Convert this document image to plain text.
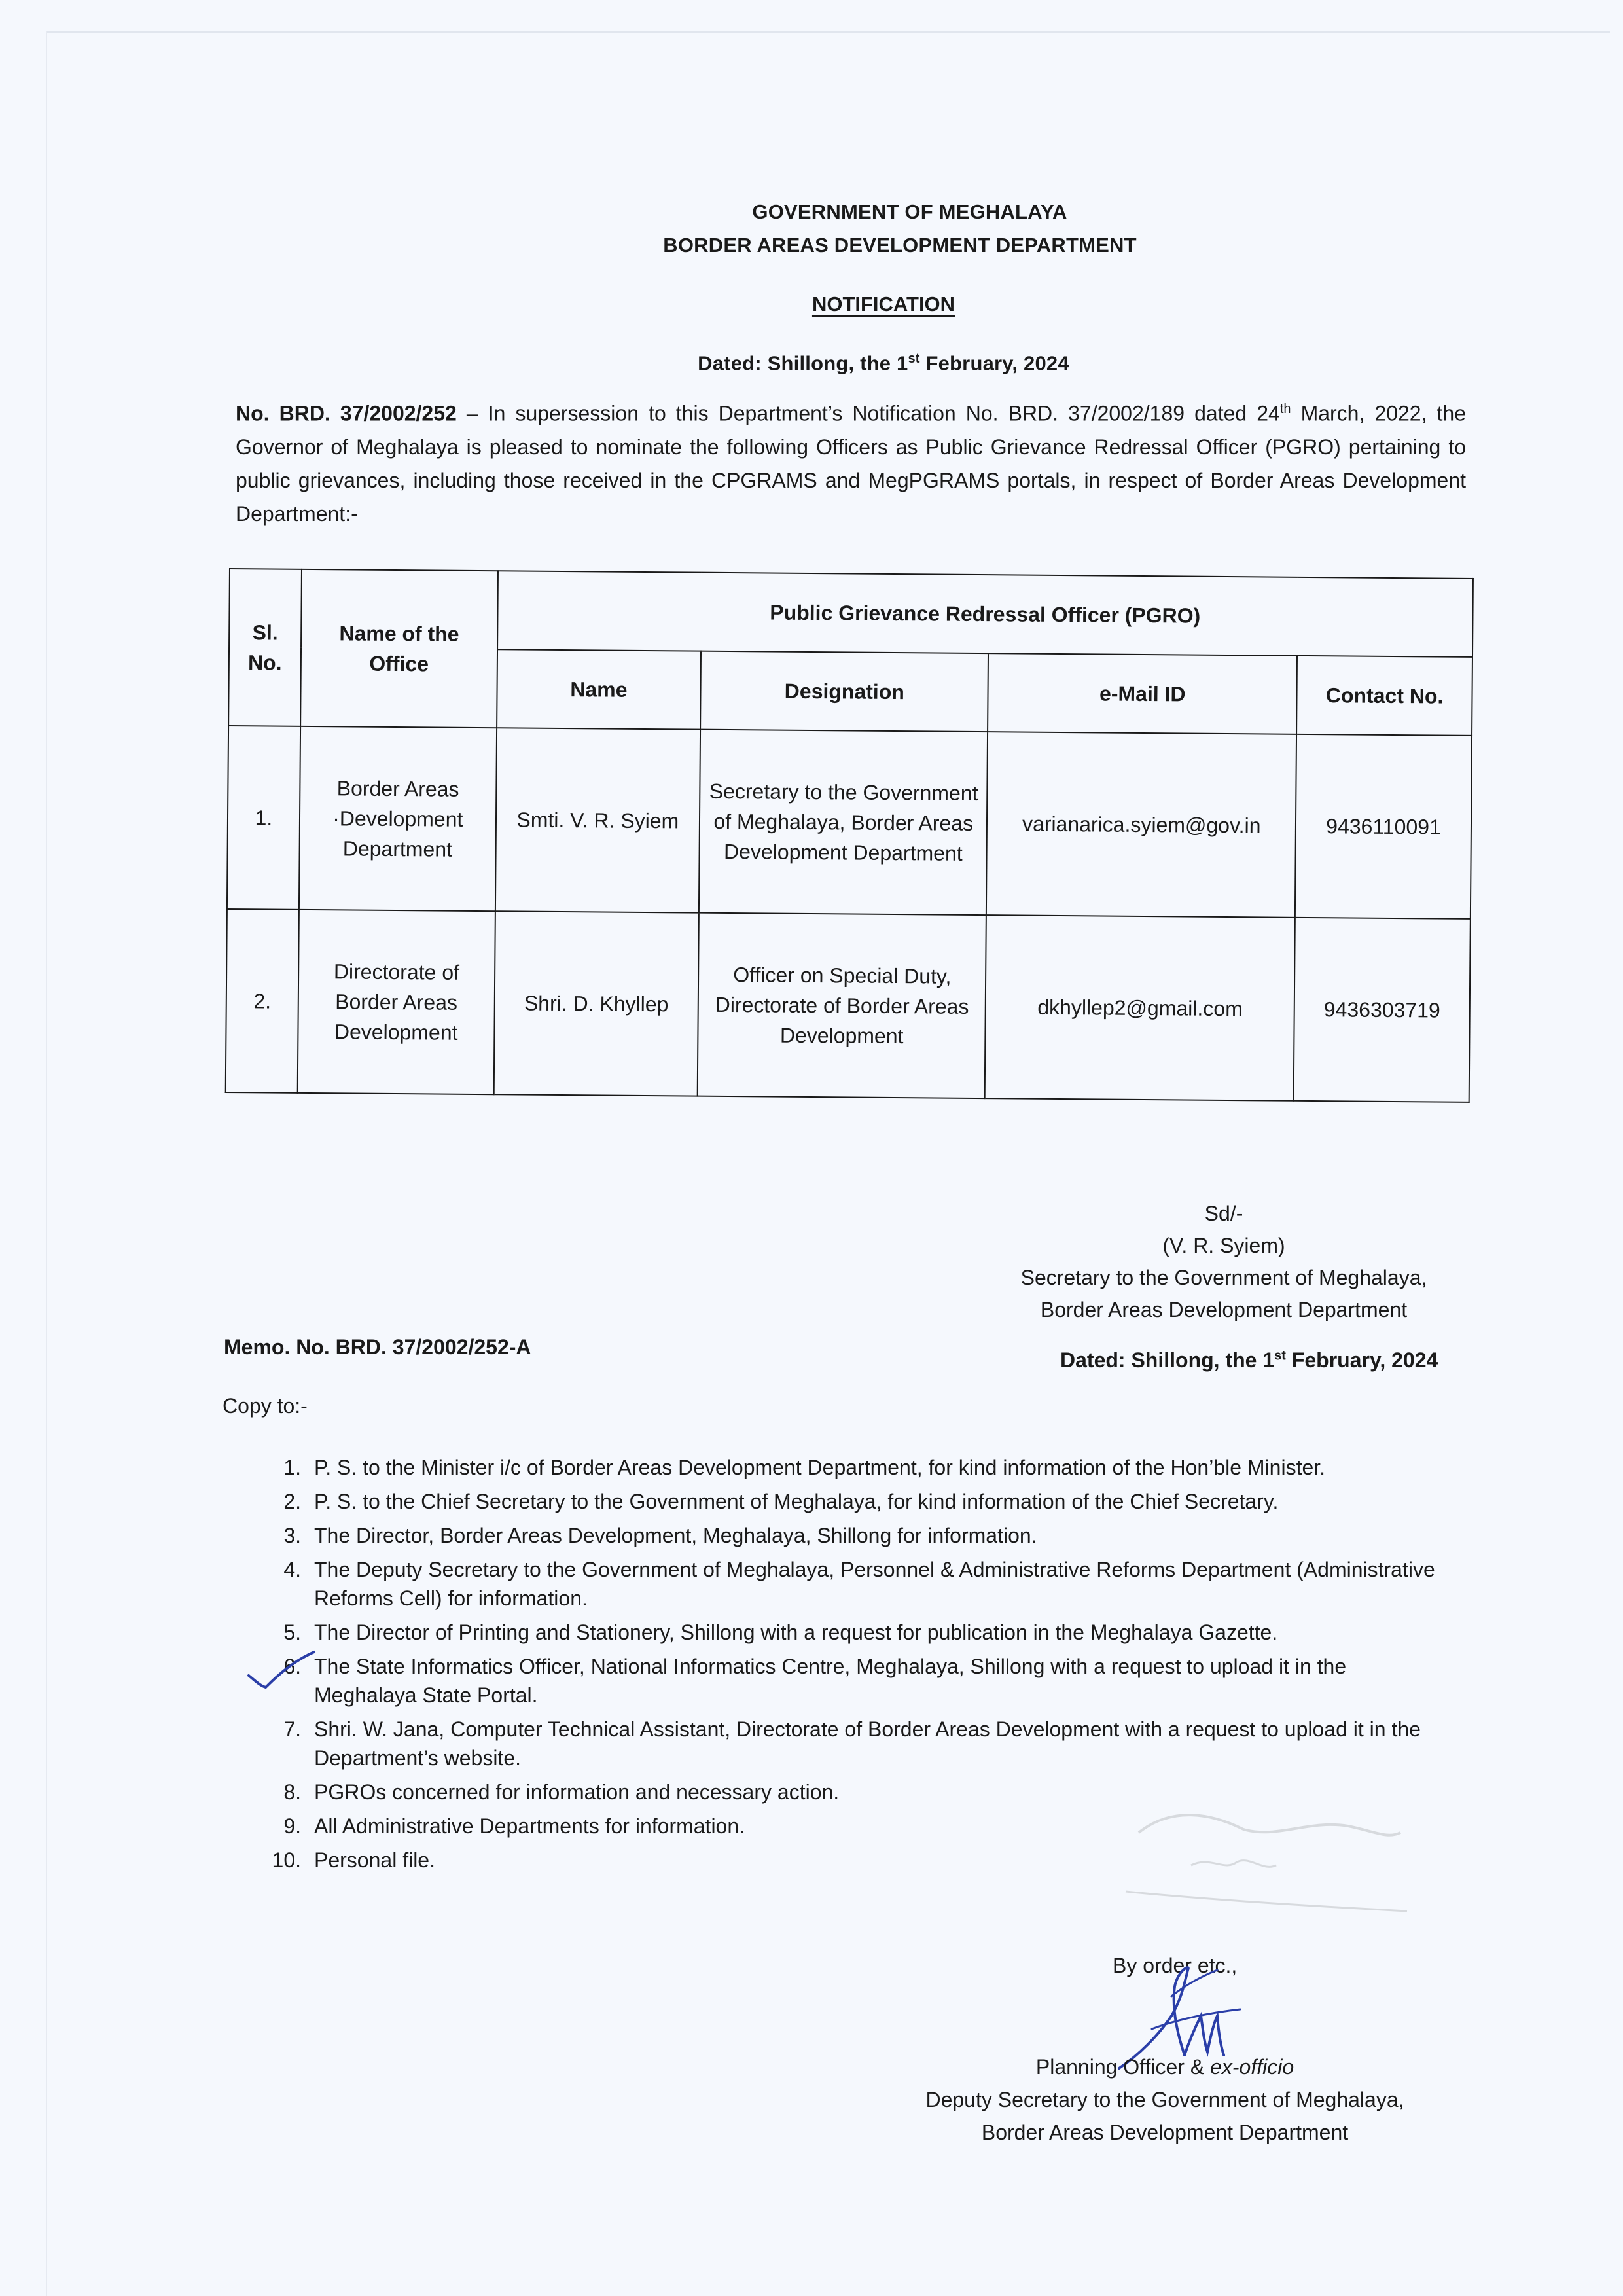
GOVERNMENT OF MEGHALAYA
BORDER AREAS DEVELOPMENT DEPARTMENT
NOTIFICATION
Dated: Shillong, the 1st February, 2024
No. BRD. 37/2002/252 – In supersession to this Department’s Notification No. BRD. 37/2002/189 dated 24th March, 2022, the Governor of Meghalaya is pleased to nominate the following Officers as Public Grievance Redressal Officer (PGRO) pertaining to public grievances, including those received in the CPGRAMS and MegPGRAMS portals, in respect of Border Areas Development Department:-
Sl. No.	Name of the Office	Public Grievance Redressal Officer (PGRO)			
		Name	Designation	e-Mail ID	Contact No.
1.	Border Areas ·Development Department	Smti. V. R. Syiem	Secretary to the Government of Meghalaya, Border Areas Development Department	varianarica.syiem@gov.in	9436110091
2.	Directorate of Border Areas Development	Shri. D. Khyllep	Officer on Special Duty, Directorate of Border Areas Development	dkhyllep2@gmail.com	9436303719
Sd/-
(V. R. Syiem)
Secretary to the Government of Meghalaya,
Border Areas Development Department
Memo. No. BRD. 37/2002/252-A
Dated: Shillong, the 1st February, 2024
Copy to:-
1. P. S. to the Minister i/c of Border Areas Development Department, for kind information of the Hon’ble Minister.
2. P. S. to the Chief Secretary to the Government of Meghalaya, for kind information of the Chief Secretary.
3. The Director, Border Areas Development, Meghalaya, Shillong for information.
4. The Deputy Secretary to the Government of Meghalaya, Personnel & Administrative Reforms Department (Administrative Reforms Cell) for information.
5. The Director of Printing and Stationery, Shillong with a request for publication in the Meghalaya Gazette.
6. The State Informatics Officer, National Informatics Centre, Meghalaya, Shillong with a request to upload it in the Meghalaya State Portal.
7. Shri. W. Jana, Computer Technical Assistant, Directorate of Border Areas Development with a request to upload it in the Department’s website.
8. PGROs concerned for information and necessary action.
9. All Administrative Departments for information.
10. Personal file.
By order etc.,
Planning Officer & ex-officio
Deputy Secretary to the Government of Meghalaya,
Border Areas Development Department
